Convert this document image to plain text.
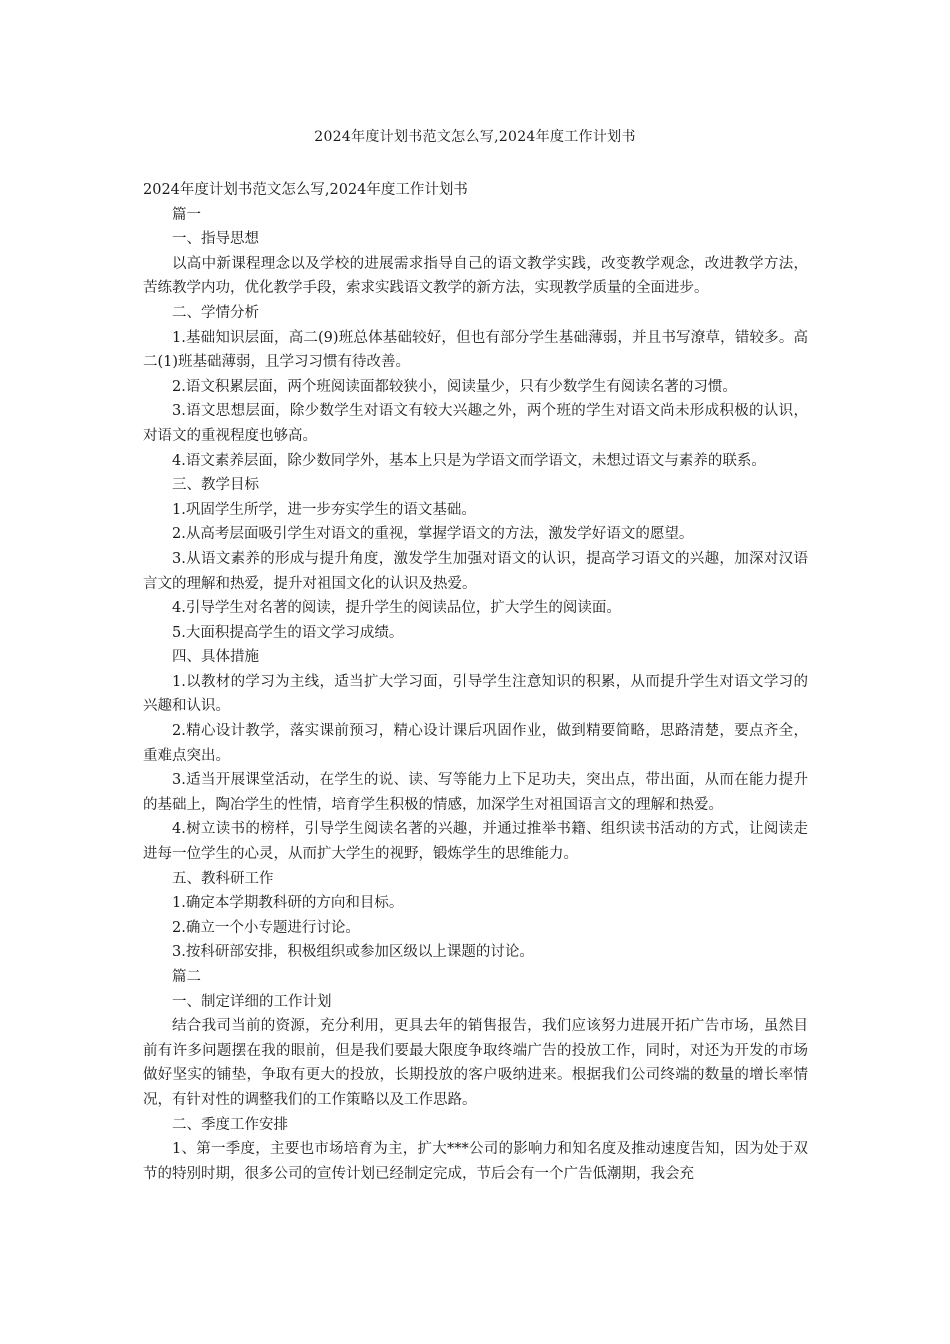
2024年度计划书范文怎么写,2024年度工作计划书

2024年度计划书范文怎么写,2024年度工作计划书

篇一

一、指导思想

以高中新课程理念以及学校的进展需求指导自己的语文教学实践，改变教学观念，改进教学方法，苦练教学内功，优化教学手段，索求实践语文教学的新方法，实现教学质量的全面进步。

二、学情分析

1.基础知识层面，高二(9)班总体基础较好，但也有部分学生基础薄弱，并且书写潦草，错较多。高二(1)班基础薄弱，且学习习惯有待改善。

2.语文积累层面，两个班阅读面都较狭小，阅读量少，只有少数学生有阅读名著的习惯。

3.语文思想层面，除少数学生对语文有较大兴趣之外，两个班的学生对语文尚未形成积极的认识，对语文的重视程度也够高。

4.语文素养层面，除少数同学外，基本上只是为学语文而学语文，未想过语文与素养的联系。

三、教学目标

1.巩固学生所学，进一步夯实学生的语文基础。

2.从高考层面吸引学生对语文的重视，掌握学语文的方法，激发学好语文的愿望。

3.从语文素养的形成与提升角度，激发学生加强对语文的认识，提高学习语文的兴趣，加深对汉语言文的理解和热爱，提升对祖国文化的认识及热爱。

4.引导学生对名著的阅读，提升学生的阅读品位，扩大学生的阅读面。

5.大面积提高学生的语文学习成绩。

四、具体措施

1.以教材的学习为主线，适当扩大学习面，引导学生注意知识的积累，从而提升学生对语文学习的兴趣和认识。

2.精心设计教学，落实课前预习，精心设计课后巩固作业，做到精要简略，思路清楚，要点齐全，重难点突出。

3.适当开展课堂活动，在学生的说、读、写等能力上下足功夫，突出点，带出面，从而在能力提升的基础上，陶冶学生的性情，培育学生积极的情感，加深学生对祖国语言文的理解和热爱。

4.树立读书的榜样，引导学生阅读名著的兴趣，并通过推举书籍、组织读书活动的方式，让阅读走进每一位学生的心灵，从而扩大学生的视野，锻炼学生的思维能力。

五、教科研工作

1.确定本学期教科研的方向和目标。

2.确立一个小专题进行讨论。

3.按科研部安排，积极组织或参加区级以上课题的讨论。

篇二

一、制定详细的工作计划

结合我司当前的资源，充分利用，更具去年的销售报告，我们应该努力进展开拓广告市场，虽然目前有许多问题摆在我的眼前，但是我们要最大限度争取终端广告的投放工作，同时，对还为开发的市场做好坚实的铺垫，争取有更大的投放，长期投放的客户吸纳进来。根据我们公司终端的数量的增长率情况，有针对性的调整我们的工作策略以及工作思路。

二、季度工作安排

1、第一季度，主要也市场培育为主，扩大***公司的影响力和知名度及推动速度告知，因为处于双节的特别时期，很多公司的宣传计划已经制定完成，节后会有一个广告低潮期，我会充
